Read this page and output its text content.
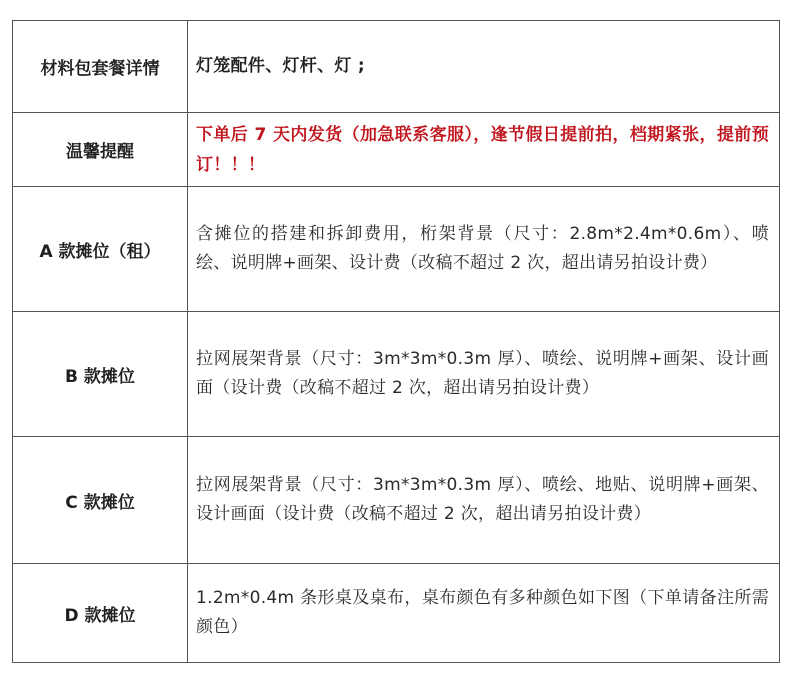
材料包套餐详情	灯笼配件、灯杆、灯 ;
温馨提醒	下单后 7 天内发货（加急联系客服），逢节假日提前拍，档期紧张，提前预订！！！
A 款摊位（租）	含摊位的搭建和拆卸费用，桁架背景（尺寸：2.8m*2.4m*0.6m）、喷绘、说明牌+画架、设计费（改稿不超过 2 次，超出请另拍设计费）
B 款摊位	拉网展架背景（尺寸：3m*3m*0.3m 厚）、喷绘、说明牌+画架、设计画面（设计费（改稿不超过 2 次，超出请另拍设计费）
C 款摊位	拉网展架背景（尺寸：3m*3m*0.3m 厚）、喷绘、地贴、说明牌+画架、设计画面（设计费（改稿不超过 2 次，超出请另拍设计费）
D 款摊位	1.2m*0.4m 条形桌及桌布，桌布颜色有多种颜色如下图（下单请备注所需颜色）
